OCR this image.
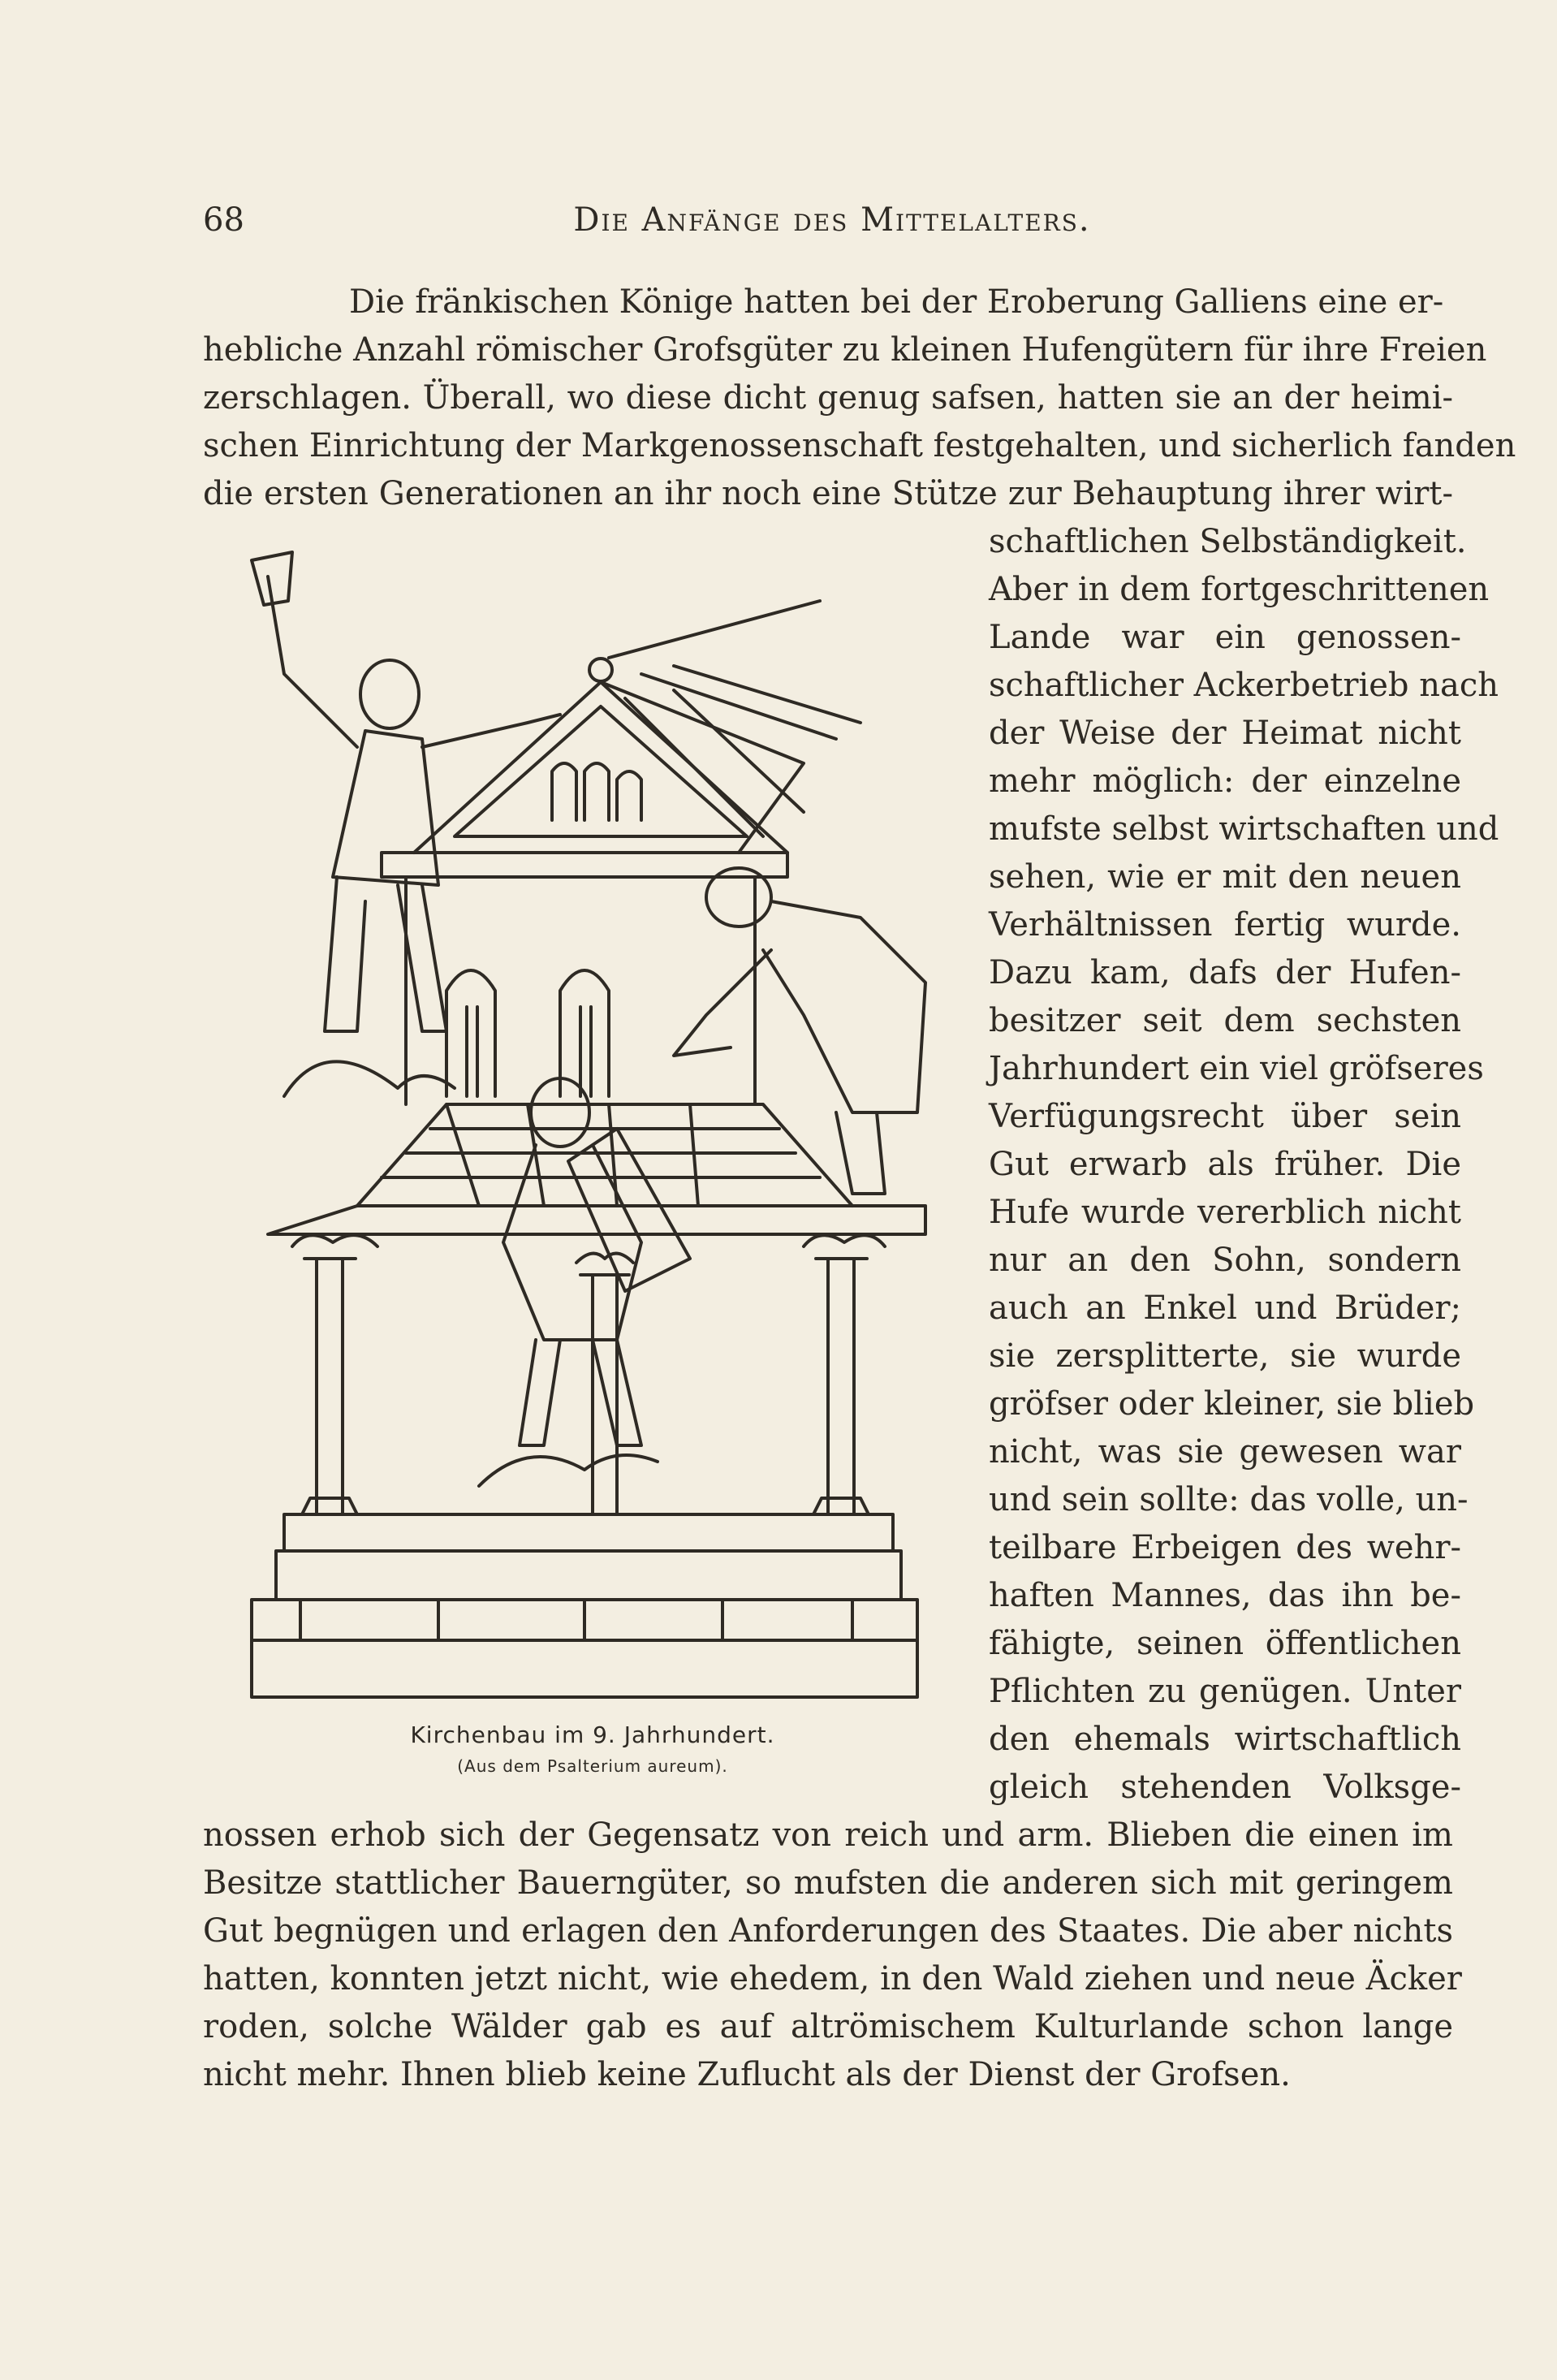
68	Die Anfänge des Mittelalters.
Die fränkischen Könige hatten bei der Eroberung Galliens eine er-
hebliche Anzahl römischer Grofsgüter zu kleinen Hufengütern für ihre Freien
zerschlagen. Überall, wo diese dicht genug safsen, hatten sie an der heimi-
schen Einrichtung der Markgenossenschaft festgehalten, und sicherlich fanden
die ersten Generationen an ihr noch eine Stütze zur Behauptung ihrer wirt-
schaftlichen Selbständigkeit.
Aber in dem fortgeschrittenen
Lande war ein genossen-
schaftlicher Ackerbetrieb nach
der Weise der Heimat nicht
mehr möglich: der einzelne
mufste selbst wirtschaften und
sehen, wie er mit den neuen
Verhältnissen fertig wurde.
Dazu kam, dafs der Hufen-
besitzer seit dem sechsten
Jahrhundert ein viel gröfseres
Verfügungsrecht über sein
Gut erwarb als früher. Die
Hufe wurde vererblich nicht
nur an den Sohn, sondern
auch an Enkel und Brüder;
sie zersplitterte, sie wurde
gröfser oder kleiner, sie blieb
nicht, was sie gewesen war
und sein sollte: das volle, un-
teilbare Erbeigen des wehr-
haften Mannes, das ihn be-
fähigte, seinen öffentlichen
Pflichten zu genügen. Unter
den ehemals wirtschaftlich
gleich stehenden Volksge-
nossen erhob sich der Gegensatz von reich und arm. Blieben die einen im
Besitze stattlicher Bauerngüter, so mufsten die anderen sich mit geringem
Gut begnügen und erlagen den Anforderungen des Staates. Die aber nichts
hatten, konnten jetzt nicht, wie ehedem, in den Wald ziehen und neue Äcker
roden, solche Wälder gab es auf altrömischem Kulturlande schon lange
nicht mehr. Ihnen blieb keine Zuflucht als der Dienst der Grofsen.
Kirchenbau im 9. Jahrhundert.
(Aus dem Psalterium aureum).
